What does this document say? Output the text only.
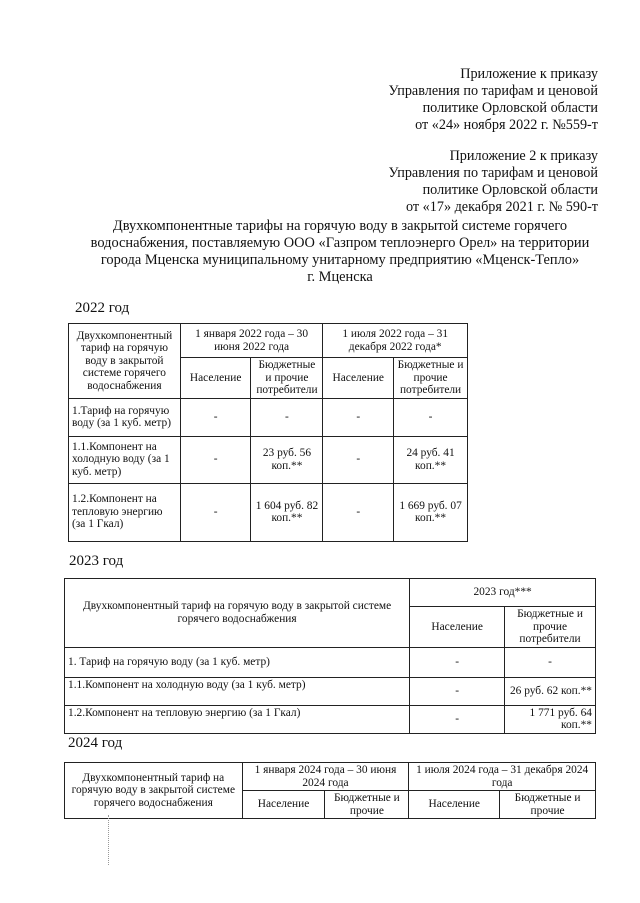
Приложение к приказу
Управления по тарифам и ценовой
политике Орловской области
от «24» ноября 2022 г. №559-т
Приложение 2 к приказу
Управления по тарифам и ценовой
политике Орловской области
от «17» декабря 2021 г. № 590-т
Двухкомпонентные тарифы на горячую воду в закрытой системе горячего
водоснабжения, поставляемую ООО «Газпром теплоэнерго Орел» на территории
города Мценска муниципальному унитарному предприятию «Мценск-Тепло»
г. Мценска
2022 год
Двухкомпонентный тариф на горячую воду в закрытой системе горячего водоснабжения	1 января 2022 года – 30 июня 2022 года		1 июля 2022 года – 31 декабря 2022 года*	
	Население	Бюджетные и прочие потребители	Население	Бюджетные и прочие потребители
1.Тариф на горячую воду (за 1 куб. метр)	-	-	-	-
1.1.Компонент на холодную воду (за 1 куб. метр)	-	23 руб. 56 коп.**	-	24 руб. 41 коп.**
1.2.Компонент на тепловую энергию (за 1 Гкал)	-	1 604 руб. 82 коп.**	-	1 669 руб. 07 коп.**
2023 год
Двухкомпонентный тариф на горячую воду в закрытой системе горячего водоснабжения	2023 год***	
	Население	Бюджетные и прочие потребители
1. Тариф на горячую воду (за 1 куб. метр)	-	-
1.1.Компонент на холодную воду (за 1 куб. метр)	-	26 руб. 62 коп.**
1.2.Компонент на тепловую энергию (за 1 Гкал)	-	1 771 руб. 64 коп.**
2024 год
Двухкомпонентный тариф на горячую воду в закрытой системе горячего водоснабжения	1 января 2024 года – 30 июня 2024 года		1 июля 2024 года – 31 декабря 2024 года	
	Население	Бюджетные и прочие	Население	Бюджетные и прочие
